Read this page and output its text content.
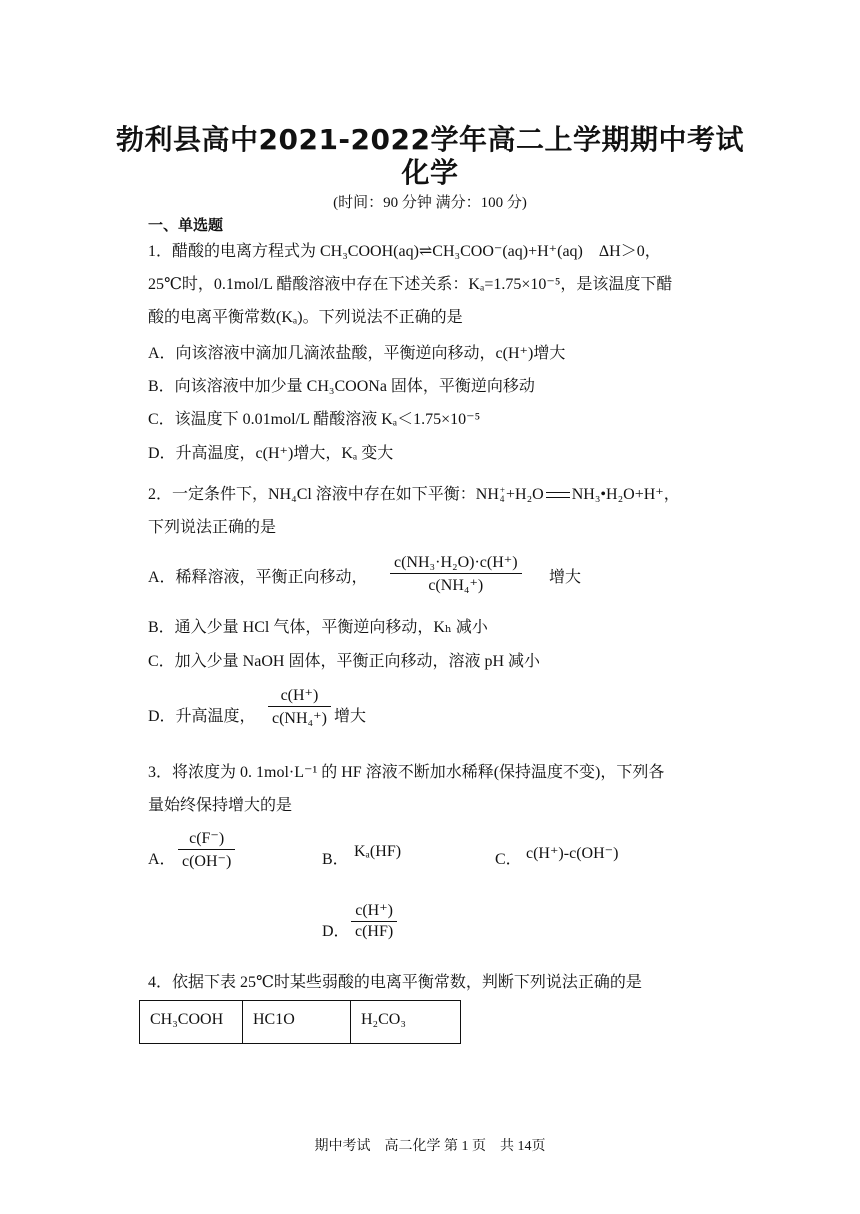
勃利县高中2021-2022学年高二上学期期中考试
化学
(时间：90 分钟 满分：100 分)
一、单选题
1．醋酸的电离方程式为 CH₃COOH(aq)⇌CH₃COO⁻(aq)+H⁺(aq)　ΔH＞0，
25℃时，0.1mol/L 醋酸溶液中存在下述关系：Kₐ=1.75×10⁻⁵，是该温度下醋
酸的电离平衡常数(Kₐ)。下列说法不正确的是
A．向该溶液中滴加几滴浓盐酸，平衡逆向移动，c(H⁺)增大
B．向该溶液中加少量 CH₃COONa 固体，平衡逆向移动
C．该温度下 0.01mol/L 醋酸溶液 Kₐ＜1.75×10⁻⁵
D．升高温度，c(H⁺)增大，Kₐ 变大
2．一定条件下，NH₄Cl 溶液中存在如下平衡：NH +
4 +H₂O NH₃•H₂O+H⁺，
下列说法正确的是
A．稀释溶液，平衡正向移动，
c(NH₃·H₂O)·c(H⁺)
c(NH₄⁺)	增大
B．通入少量 HCl 气体，平衡逆向移动，Kₕ 减小
C．加入少量 NaOH 固体，平衡正向移动，溶液 pH 减小
D．升高温度，
c(H⁺)
c(NH₄⁺) 增大
3．将浓度为 0. 1mol·L⁻¹ 的 HF 溶液不断加水稀释(保持温度不变)，下列各
量始终保持增大的是
A．
c(F⁻)
c(OH⁻)	B． Kₐ(HF)	C． c(H⁺)-c(OH⁻)
D．
c(H⁺)
c(HF)
4．依据下表 25℃时某些弱酸的电离平衡常数，判断下列说法正确的是
CH₃COOH	HC1O	H₂CO₃
期中考试　高二化学 第 1 页　共 14页
